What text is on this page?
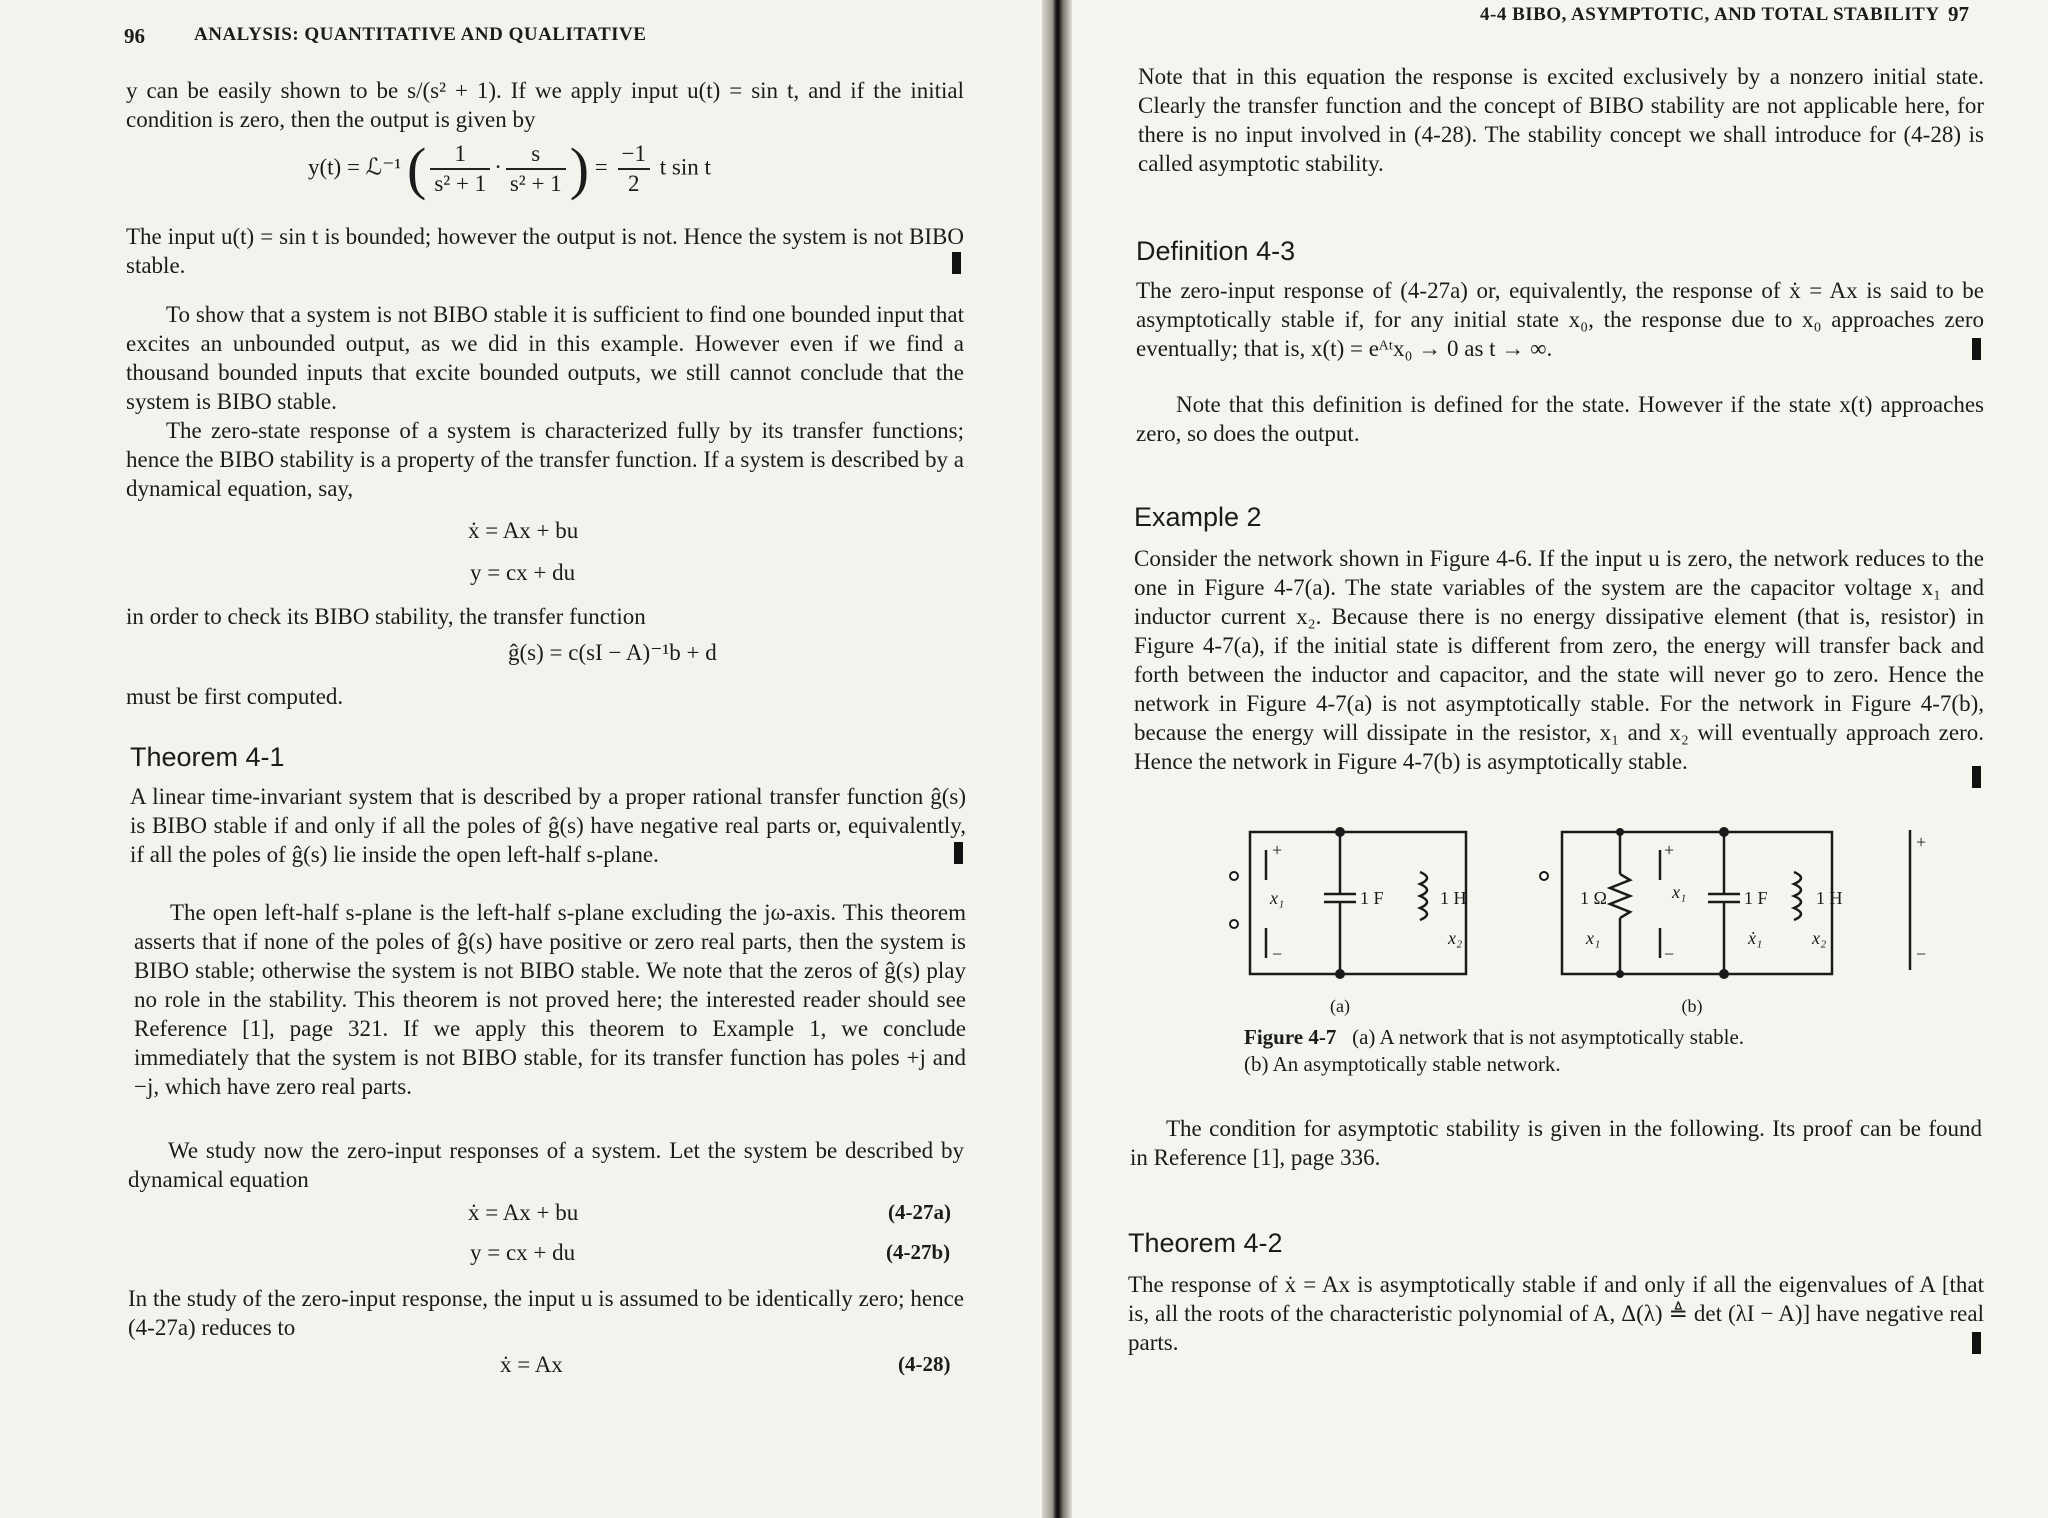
96	ANALYSIS: QUANTITATIVE AND QUALITATIVE
y can be easily shown to be s/(s² + 1). If we apply input u(t) = sin t, and if the initial condition is zero, then the output is given by
y(t) = ℒ⁻¹ ( $\frac{1}{\text{s² + 1}} \cdot \frac{s}{\text{s² + 1}}$ ) = $\frac{-1}{2}$ t sin t
The input u(t) = sin t is bounded; however the output is not. Hence the system is not BIBO stable.
To show that a system is not BIBO stable it is sufficient to find one bounded input that excites an unbounded output, as we did in this example. However even if we find a thousand bounded inputs that excite bounded outputs, we still cannot conclude that the system is BIBO stable.
The zero-state response of a system is characterized fully by its transfer functions; hence the BIBO stability is a property of the transfer function. If a system is described by a dynamical equation, say,
ẋ = Ax + bu
y = cx + du
in order to check its BIBO stability, the transfer function
ĝ(s) = c(sI − A)⁻¹b + d
must be first computed.
Theorem 4-1
A linear time-invariant system that is described by a proper rational transfer function ĝ(s) is BIBO stable if and only if all the poles of ĝ(s) have negative real parts or, equivalently, if all the poles of ĝ(s) lie inside the open left-half s-plane.
The open left-half s-plane is the left-half s-plane excluding the jω-axis. This theorem asserts that if none of the poles of ĝ(s) have positive or zero real parts, then the system is BIBO stable; otherwise the system is not BIBO stable. We note that the zeros of ĝ(s) play no role in the stability. This theorem is not proved here; the interested reader should see Reference [1], page 321. If we apply this theorem to Example 1, we conclude immediately that the system is not BIBO stable, for its transfer function has poles +j and −j, which have zero real parts.
We study now the zero-input responses of a system. Let the system be described by dynamical equation
ẋ = Ax + bu	(4-27a)
y = cx + du	(4-27b)
In the study of the zero-input response, the input u is assumed to be identically zero; hence (4-27a) reduces to
ẋ = Ax	(4-28)
4-4 BIBO, ASYMPTOTIC, AND TOTAL STABILITY 97
Note that in this equation the response is excited exclusively by a nonzero initial state. Clearly the transfer function and the concept of BIBO stability are not applicable here, for there is no input involved in (4-28). The stability concept we shall introduce for (4-28) is called asymptotic stability.
Definition 4-3
The zero-input response of (4-27a) or, equivalently, the response of ẋ = Ax is said to be asymptotically stable if, for any initial state x₀, the response due to x₀ approaches zero eventually; that is, x(t) = eᴬᵗx₀ → 0 as t → ∞.
Note that this definition is defined for the state. However if the state x(t) approaches zero, so does the output.
Example 2
Consider the network shown in Figure 4-6. If the input u is zero, the network reduces to the one in Figure 4-7(a). The state variables of the system are the capacitor voltage x₁ and inductor current x₂. Because there is no energy dissipative element (that is, resistor) in Figure 4-7(a), if the initial state is different from zero, the energy will transfer back and forth between the inductor and capacitor, and the state will never go to zero. Hence the network in Figure 4-7(a) is not asymptotically stable. For the network in Figure 4-7(b), because the energy will dissipate in the resistor, x₁ and x₂ will eventually approach zero. Hence the network in Figure 4-7(b) is asymptotically stable.
1 F	1 H
x₁
x₂
+
−
1 Ω	1 F	1 H
x₁
x₁	x₂
ẋ₁
+
−
+
−
(a)	(b)
Figure 4-7 (a) A network that is not asymptotically stable.
(b) An asymptotically stable network.
The condition for asymptotic stability is given in the following. Its proof can be found in Reference [1], page 336.
Theorem 4-2
The response of ẋ = Ax is asymptotically stable if and only if all the eigenvalues of A [that is, all the roots of the characteristic polynomial of A, Δ(λ) ≜ det (λI − A)] have negative real parts.
